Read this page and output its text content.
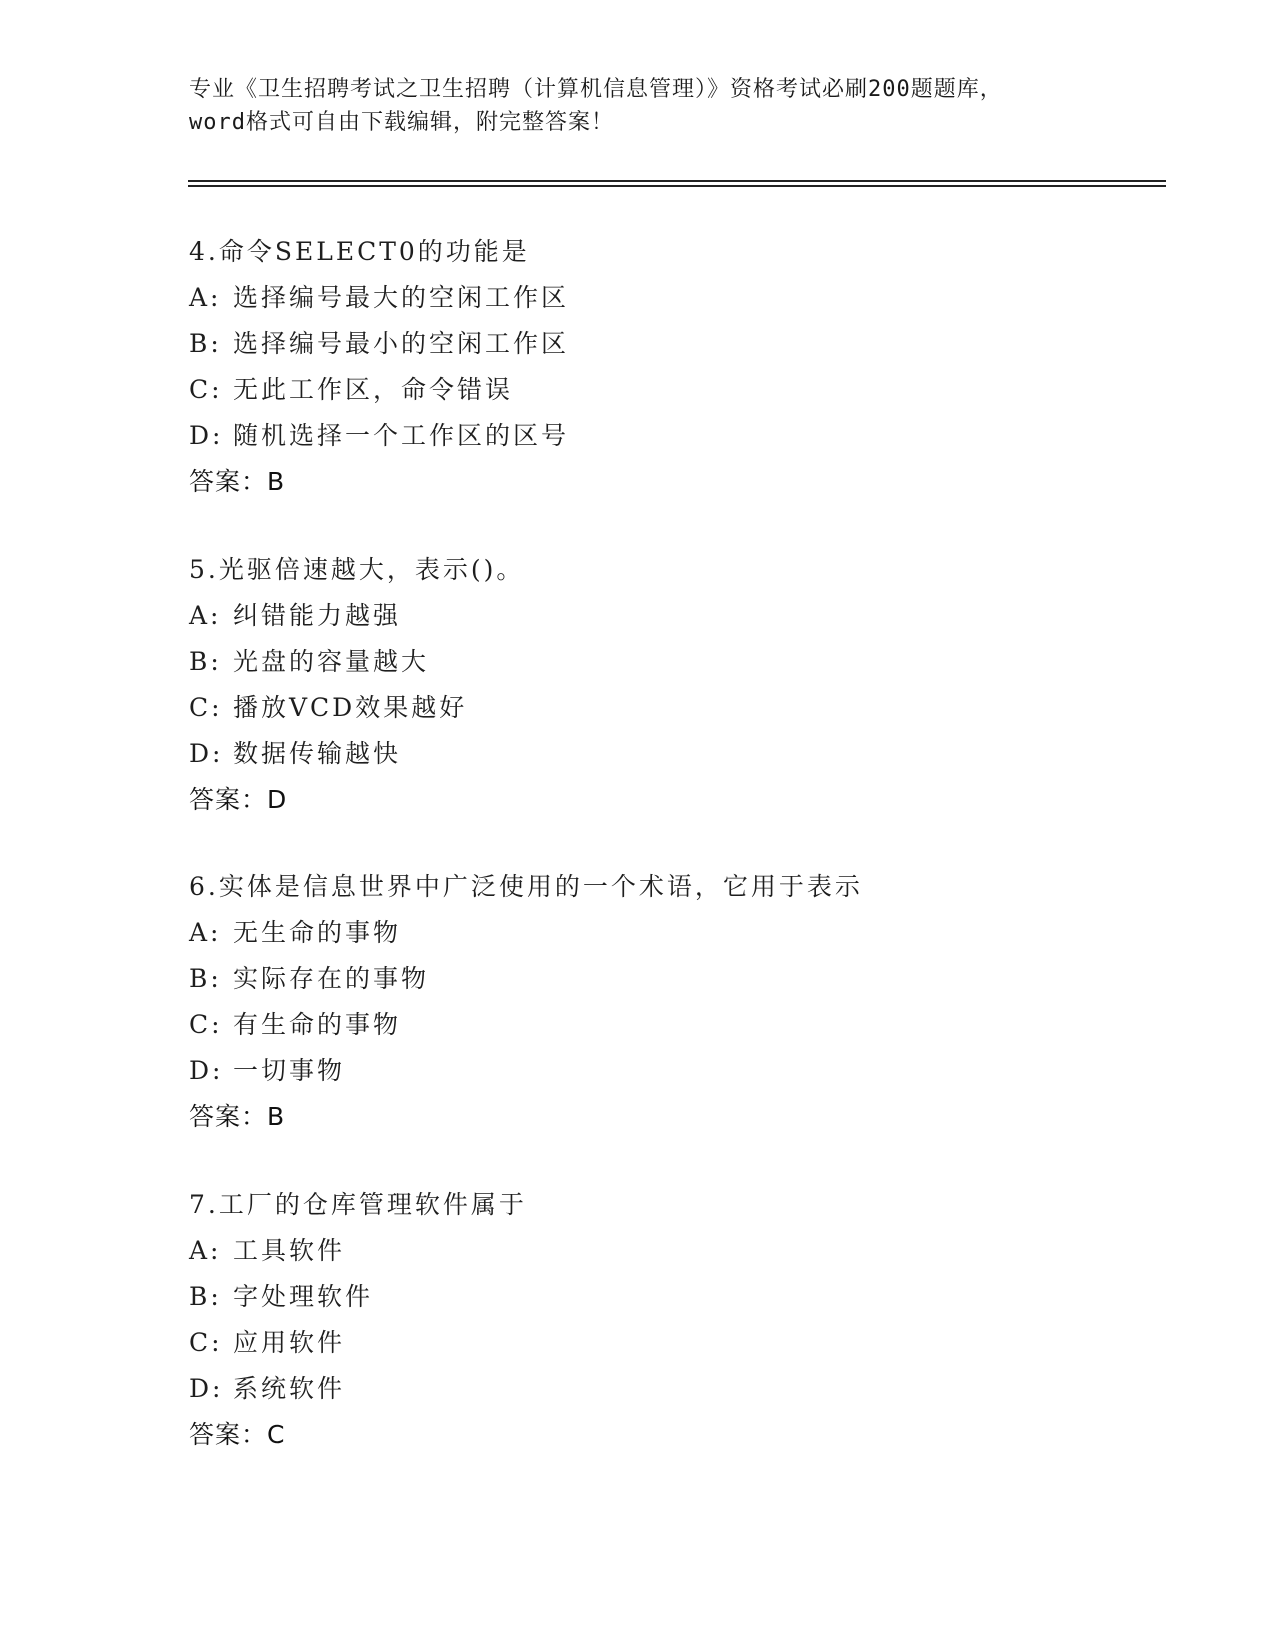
专业《卫生招聘考试之卫生招聘（计算机信息管理）》资格考试必刷200题题库，
word格式可自由下载编辑，附完整答案！
4.命令SELECT0的功能是
A: 选择编号最大的空闲工作区
B: 选择编号最小的空闲工作区
C: 无此工作区，命令错误
D: 随机选择一个工作区的区号
答案：B
5.光驱倍速越大，表示()。
A: 纠错能力越强
B: 光盘的容量越大
C: 播放VCD效果越好
D: 数据传输越快
答案：D
6.实体是信息世界中广泛使用的一个术语，它用于表示
A: 无生命的事物
B: 实际存在的事物
C: 有生命的事物
D: 一切事物
答案：B
7.工厂的仓库管理软件属于
A: 工具软件
B: 字处理软件
C: 应用软件
D: 系统软件
答案：C
